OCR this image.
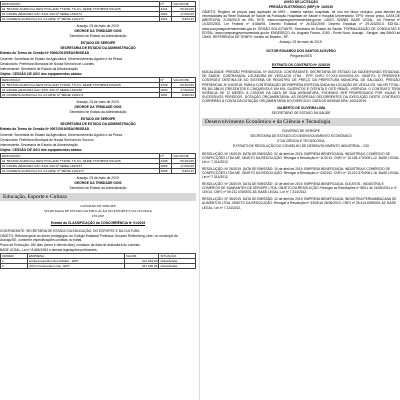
DESCRIÇÃO	Nº	VALOR R$
01 TRATOR AGRICOLA NEW HOLLAND TT4030, TS-CV, SÉRIE TSTNM53172KASI5	4341	60.454,55
01 GRADE ARADORA GAC 34X1 426 Nº SÉRIE 1402172	1864	17.000,00
01 CARRETA AGRICOLA CA 4.0 ARSF Nº SÉRIE 1402170	1862	8.983,33

Aracaju, 03 de maio de 2019.

GEORGE DA TRINDADE GOIS

Secretário de Estado da Administração

ESTADO DE SERGIPE

SECRETARIA DE ESTADO DA ADMINISTRAÇÃO

Extrato do Termo de Cessão Nº 0006/2019/SEAGRI/SEAD

Cedente: Secretaria de Estado da Agricultura, Desenvolvimento Agrário e da Pesca

Cessionário: Prefeitura Municipal de Nossa Senhora de Lourdes

Interveniente: Secretaria de Estado da Administração

Objeto: CESSÃO DE USO dos equipamentos abaixo:

DESCRIÇÃO	Nº	VALOR R$
01 TRATOR AGRICOLA NEW HOLLAND TT4030, TS-CV, SÉRIE TSTNM53172KASI5	4339	60.454,55
01 GRADE ARADORA GAC 34X1 426 Nº SÉRIE 1402168	1860	17.000,00
01 CARRETA AGRICOLA CA 4.0 ARSF Nº SÉRIE 1402171	1861	8.983,33

Aracaju, 03 de maio de 2019.

GEORGE DA TRINDADE GOIS

Secretário de Estado da Administração

ESTADO DE SERGIPE

SECRETARIA DE ESTADO DA ADMINISTRAÇÃO

Extrato do Termo de Cessão Nº 0007/2019/SEAGRI/SEAD

Cedente: Secretaria de Estado da Agricultura, Desenvolvimento Agrário e da Pesca

Cessionário: Prefeitura Municipal de Nossa Senhora do Socorro

Interveniente: Secretaria de Estado da Administração

Objeto: CESSÃO DE USO dos equipamentos abaixo:

DESCRIÇÃO	Nº	VALOR R$
01 TRATOR AGRICOLA NEW HOLLAND TT4030, TS-CV, SÉRIE TSTNM53172KASI5	4338	60.454,55
01 GRADE ARADORA GAC 34X1 426 Nº SÉRIE 1402167	1859	17.000,00
01 CARRETA AGRICOLA CA 4.0 ARSF Nº SÉRIE 1402174	1865	8.983,33

Aracaju, 03 de maio de 2019.

GEORGE DA TRINDADE GOIS

Secretário de Estado da Administração

Educação, Esporte e Cultura

GOVERNO DE SERGIPE

SECRETARIA DE ESTADO DA EDUCAÇÃO DO ESPORTE E DA CULTURA

CELOSE

Extrato da CLASSIFICAÇÃO da CONCORRÊNCIA Nº 01/2019

CONTRATANTE: SECRETARIA DE ESTADO DA EDUCAÇÃO, DO ESPORTE E DA CULTURA

OBJETO: Reforma geral do anexo pedagógico do Colégio Estadual Professor Gonçalo Rollemberg Leite, no município de Aracaju/SE, conforme especificações contidas no edital.

Prazo de Execução: 180 dias (cento e oitenta dias), contados da data de assinatura do contrato.

BASE LEGAL: Lei nº 8.666/1993 e demais legislações pertinentes.

ORDEM	EMPRESA	VALOR	SITUAÇÃO
1	A4 Empreendimentos EIRELI - EPP	321.064,99	Classificada
2	ACN Construções Ltda - EPP	347.520,04	Classificada

AVISO DE LICITAÇÃO

PREGÃO ELETRÔNICO (SRP) Nº 10/2019

OBJETO: Registro de preços para aquisição de MHS - matéria médico hospitalar, de uso em bloco cirúrgico, para atender as necessidades da Rede Estadual de Saúde da Fundação Hospitalar de Saúde e Hospital Universitário. TIPO: menor preço. DATA DE ABERTURA: 21/05/2019 às 09h. SITE: www.comprasgovernamentais.gov.br. UASG: 926383. BASE LEGAL: Lei Federal nº 10.520/2002, Lei Federal nº 8.666/93, Decreto Estadual nº 26.531/2009, Decreto Estadual nº 29.203/2013. EDITAL: www.comprasgovernamentais.gov.br. ÓRGÃO SOLICITANTE: Secretaria de Estado da Saúde. FORMALIZAÇÃO DE CONSULTAS E EDITAL: www.comprasgovernamentais.gov.br. ENDEREÇO: Av. Augusto Franco, 3150 - Ponto Novo, Aracaju - Sergipe, das 08h00 às 13h00. REFERÊNCIA DE TEMPO: horário de Brasília - DF.

Aracaju, 03 de maio de 2019.

VICTOR EDUARDO DOS SANTOS ACEVEDO

Pregoeiro/SES

EXTRATO DO CONTRATO Nº 22/2019

MODALIDADE: PREGÃO PRESENCIAL Nº 042/2018. CONTRATANTE: SECRETARIA DE ESTADO DA SAÚDE/FUNDO ESTADUAL DE SAÚDE. CONTRATADA: LOCADORA DE VEÍCULOS LTDA - EPP. CNPJ: 07.XXX.XXX/0001-XX. OBJETO: O PRESENTE CONTRATO DESTINA-SE AO SISTEMA DE REGISTRO DE PREÇO DA PREFEITURA MUNICIPAL DE SALGADO, PREGÃO PRESENCIAL Nº 042/2018, PARA A CONTRATAÇÃO DE EMPRESA ESPECIALIZADA NA LOCAÇÃO DE VEÍCULOS. VALOR TOTAL: R$ 351.288,00 (TREZENTOS E CINQUENTA E UM MIL, DUZENTOS E OITENTA E OITO REAIS). VIGÊNCIA: O CONTRATO TERÁ VIGÊNCIA DE 12 MESES, A CONTAR DA DATA DE SUA ASSINATURA, PODENDO SER PRORROGADO POR IGUAIS E SUCESSIVOS PERÍODOS. DOTAÇÃO ORÇAMENTÁRIA: AS DESPESAS DECORRENTES DA EXECUÇÃO DESTE CONTRATO CORRERÃO À CONTA DA DOTAÇÃO ORÇAMENTÁRIA DO EXERCÍCIO. DATA DE ASSINATURA: 10/04/2019.

VALBERTO DE OLIVEIRA LIMA

SECRETÁRIO DE ESTADO DA SAÚDE

Desenvolvimento Econômico e da Ciência e Tecnologia

GOVERNO DE SERGIPE

SECRETARIA DE ESTADO DO DESENVOLVIMENTO ECONÔMICO

E DA CIÊNCIA E TECNOLOGIA

EXTRATO DE RESOLUÇÃO DO CONSELHO DE DESENVOLVIMENTO INDUSTRIAL - CDI

RESOLUÇÃO: Nº 16/2019. DATA DE EMISSÃO: 02 de abril de 2019. EMPRESA BENEFICIADA: INDÚSTRIA E COMÉRCIO DE CONFECÇÕES LTDA ME. OBJETO DA RESOLUÇÃO: Revogar a Resolução nº 11/2013. CNPJ nº 15.186.173/0001-12. BASE LEGAL: Lei nº 7.314/2012.

RESOLUÇÃO: Nº 26/2019. DATA DE EMISSÃO: 10 de abril de 2019. EMPRESA BENEFICIADA: INDÚSTRIA E COMÉRCIO DE CONFECÇÕES LTDA ME. OBJETO DA RESOLUÇÃO: Revogar a Resolução nº 03/2011. CNPJ nº 13.210.370/0001-18. BASE LEGAL: Lei nº 7.314/2012.

RESOLUÇÃO: Nº 28/2019. DATA DE EMISSÃO: 10 de abril de 2019. EMPRESA BENEFICIADA: OLEATOS - INDÚSTRIA E COMÉRCIO DE SANEANTES DE SERGIPE LTDA. OBJETO DA RESOLUÇÃO: Revogar as Resoluções nº 58/11 de 24/08/2011 e nº 119/14. CNPJ nº 09.211.476/0001-83. BASE LEGAL: Lei nº 7.314/2012.

RESOLUÇÃO: Nº 35/2019. DATA DE EMISSÃO: 12 de abril de 2019. EMPRESA BENEFICIADA: INDÚSTRIA PERNAMBUCANA DE ALIMENTOS LTDA. OBJETO DA RESOLUÇÃO: Revogar a Resolução nº 33/08 de 26/06/2013. CNPJ nº 26.413.639/0001-62. BASE LEGAL: Lei nº 7.314/2012.
